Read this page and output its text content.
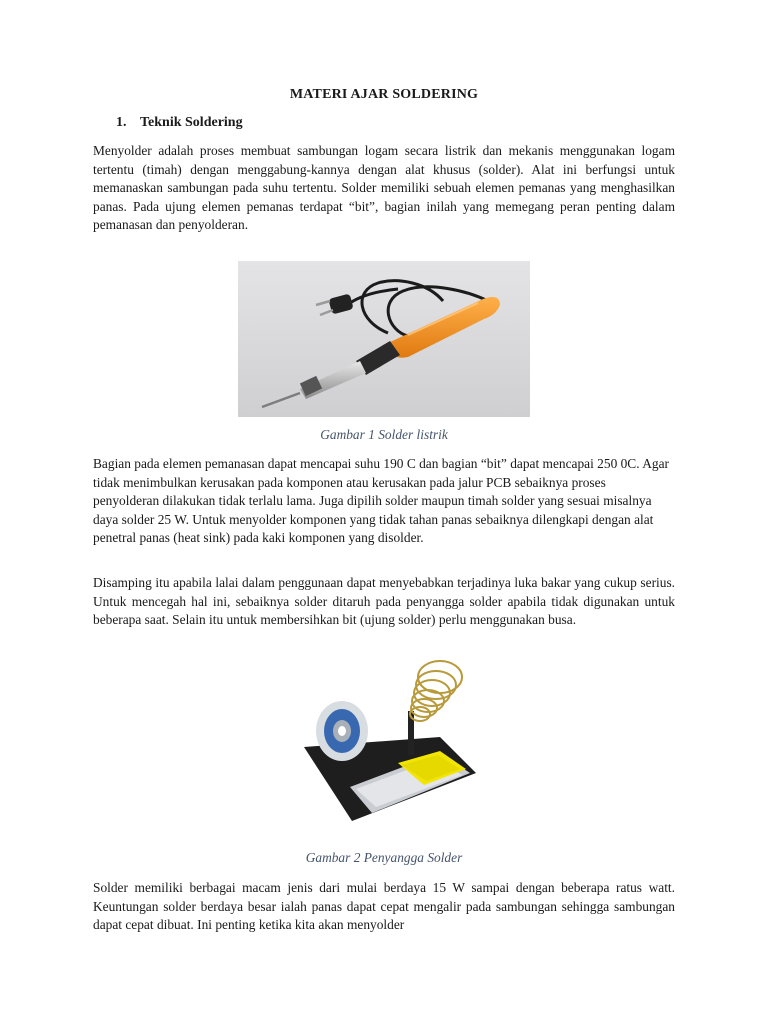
MATERI AJAR SOLDERING
1. Teknik Soldering

Menyolder adalah proses membuat sambungan logam secara listrik dan mekanis menggunakan logam tertentu (timah) dengan menggabung-kannya dengan alat khusus (solder). Alat ini berfungsi untuk memanaskan sambungan pada suhu tertentu. Solder memiliki sebuah elemen pemanas yang menghasilkan panas. Pada ujung elemen pemanas terdapat “bit”, bagian inilah yang memegang peran penting dalam pemanasan dan penyolderan.

Gambar 1 Solder listrik

Bagian pada elemen pemanasan dapat mencapai suhu 190 C dan bagian “bit” dapat mencapai 250 0C. Agar tidak menimbulkan kerusakan pada komponen atau kerusakan pada jalur PCB sebaiknya proses penyolderan dilakukan tidak terlalu lama. Juga dipilih solder maupun timah solder yang sesuai misalnya daya solder 25 W. Untuk menyolder komponen yang tidak tahan panas sebaiknya dilengkapi dengan alat penetral panas (heat sink) pada kaki komponen yang disolder.

Disamping itu apabila lalai dalam penggunaan dapat menyebabkan terjadinya luka bakar yang cukup serius. Untuk mencegah hal ini, sebaiknya solder ditaruh pada penyangga solder apabila tidak digunakan untuk beberapa saat. Selain itu untuk membersihkan bit (ujung solder) perlu menggunakan busa.

Gambar 2 Penyangga Solder

Solder memiliki berbagai macam jenis dari mulai berdaya 15 W sampai dengan beberapa ratus watt. Keuntungan solder berdaya besar ialah panas dapat cepat mengalir pada sambungan sehingga sambungan dapat cepat dibuat. Ini penting ketika kita akan menyolder
